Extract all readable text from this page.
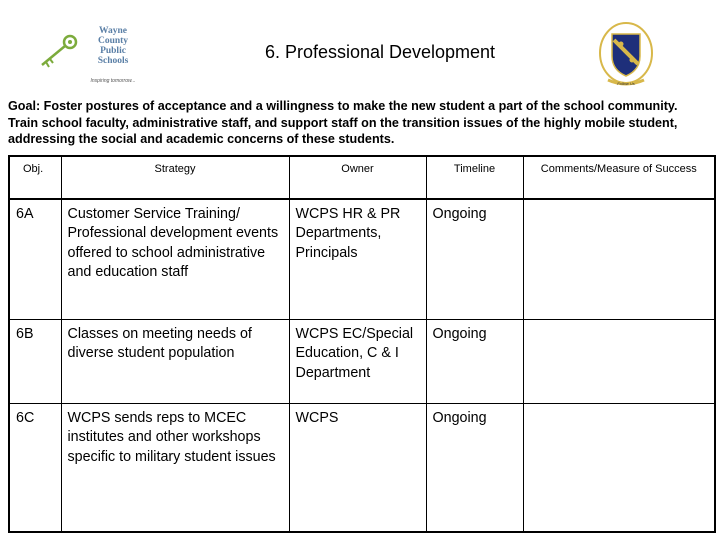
Wayne
County
Public
Schools
Inspiring tomorrow...
6. Professional Development
Follow Us
Goal: Foster postures of acceptance and a willingness to make the new student a part of the school community. Train school faculty, administrative staff, and support staff on the transition issues of the highly mobile student, addressing the social and academic concerns of these students.
Obj.	Strategy	Owner	Timeline	Comments/Measure of Success
6A	Customer Service Training/ Professional development events offered to school administrative and education staff	WCPS HR & PR Departments, Principals	Ongoing	
6B	Classes on meeting needs of diverse student population	WCPS EC/Special Education, C & I Department	Ongoing	
6C	WCPS sends reps to MCEC institutes and other workshops specific to military student issues	WCPS	Ongoing	
